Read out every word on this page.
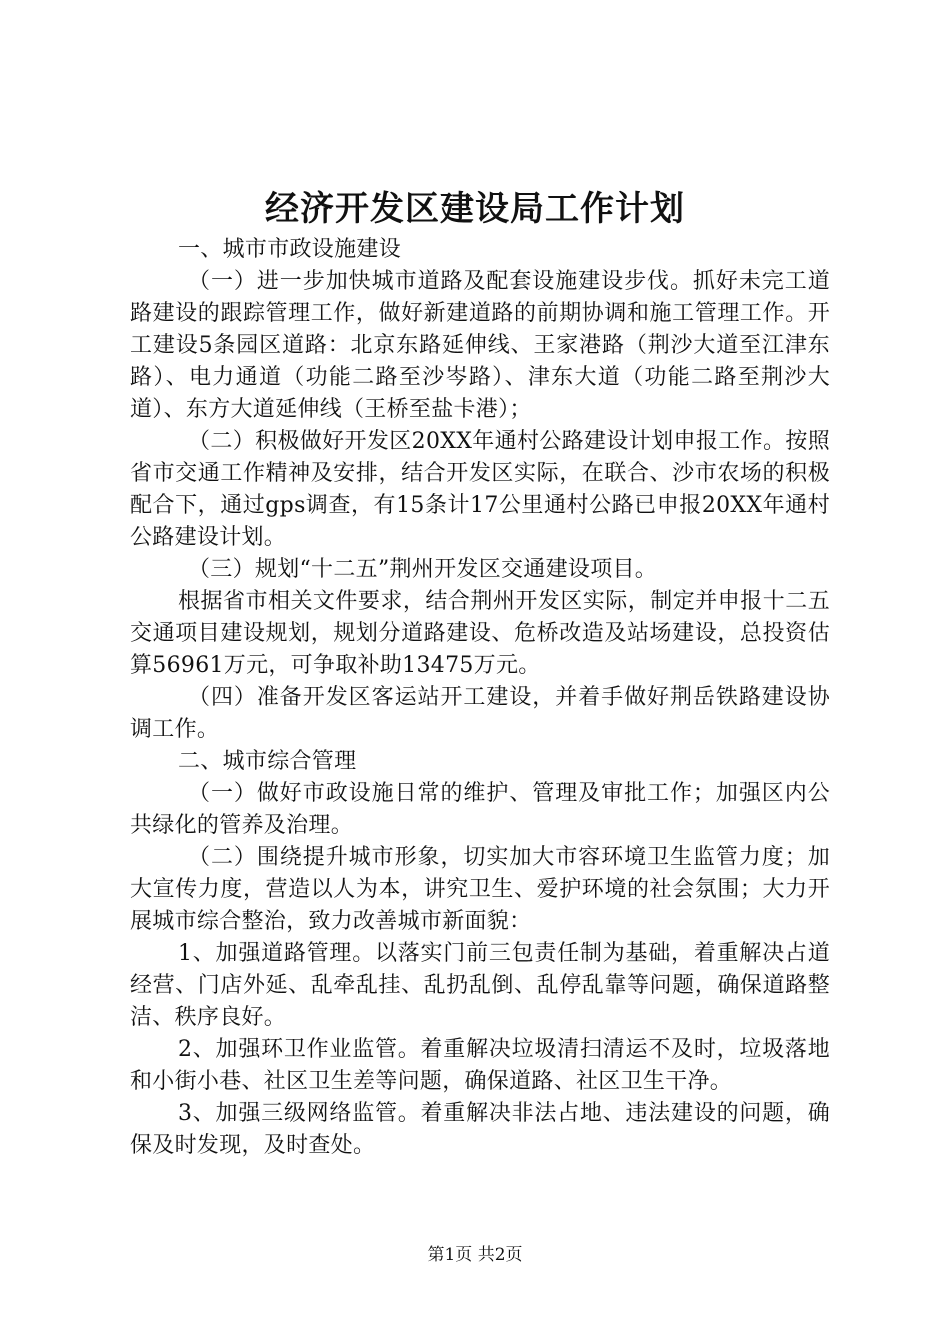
经济开发区建设局工作计划

一、城市市政设施建设

（一）进一步加快城市道路及配套设施建设步伐。抓好未完工道路建设的跟踪管理工作，做好新建道路的前期协调和施工管理工作。开工建设5条园区道路：北京东路延伸线、王家港路（荆沙大道至江津东路）、电力通道（功能二路至沙岑路）、津东大道（功能二路至荆沙大道）、东方大道延伸线（王桥至盐卡港）；

（二）积极做好开发区20XX年通村公路建设计划申报工作。按照省市交通工作精神及安排，结合开发区实际，在联合、沙市农场的积极配合下，通过gps调查，有15条计17公里通村公路已申报20XX年通村公路建设计划。

（三）规划“十二五”荆州开发区交通建设项目。

根据省市相关文件要求，结合荆州开发区实际，制定并申报十二五交通项目建设规划，规划分道路建设、危桥改造及站场建设，总投资估算56961万元，可争取补助13475万元。

（四）准备开发区客运站开工建设，并着手做好荆岳铁路建设协调工作。

二、城市综合管理

（一）做好市政设施日常的维护、管理及审批工作；加强区内公共绿化的管养及治理。

（二）围绕提升城市形象，切实加大市容环境卫生监管力度；加大宣传力度，营造以人为本，讲究卫生、爱护环境的社会氛围；大力开展城市综合整治，致力改善城市新面貌：

1、加强道路管理。以落实门前三包责任制为基础，着重解决占道经营、门店外延、乱牵乱挂、乱扔乱倒、乱停乱靠等问题，确保道路整洁、秩序良好。

2、加强环卫作业监管。着重解决垃圾清扫清运不及时，垃圾落地和小街小巷、社区卫生差等问题，确保道路、社区卫生干净。

3、加强三级网络监管。着重解决非法占地、违法建设的问题，确保及时发现，及时查处。

第1页 共2页
